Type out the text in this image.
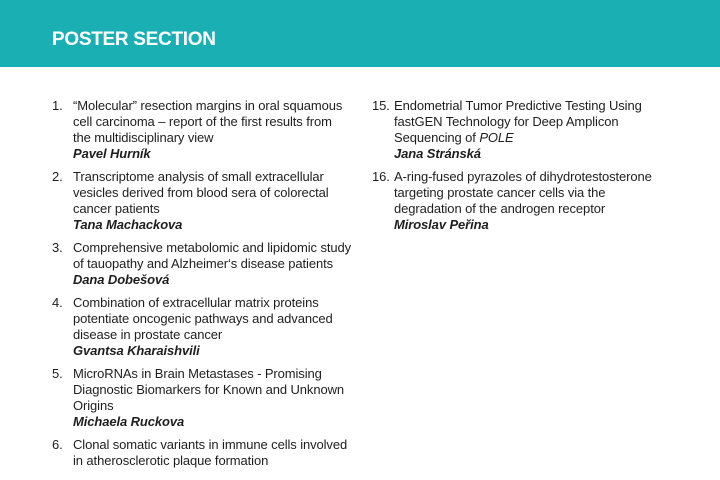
POSTER SECTION
1. “Molecular” resection margins in oral squamous cell carcinoma – report of the first results from the multidisciplinary view
Pavel Hurník
2. Transcriptome analysis of small extracellular vesicles derived from blood sera of colorectal cancer patients
Tana Machackova
3. Comprehensive metabolomic and lipidomic study of tauopathy and Alzheimer‘s disease patients
Dana Dobešová
4. Combination of extracellular matrix proteins potentiate oncogenic pathways and advanced disease in prostate cancer
Gvantsa Kharaishvili
5. MicroRNAs in Brain Metastases - Promising Diagnostic Biomarkers for Known and Unknown Origins
Michaela Ruckova
6. Clonal somatic variants in immune cells involved in atherosclerotic plaque formation
15. Endometrial Tumor Predictive Testing Using fastGEN Technology for Deep Amplicon Sequencing of POLE
Jana Stránská
16. A-ring-fused pyrazoles of dihydrotestosterone targeting prostate cancer cells via the degradation of the androgen receptor
Miroslav Peřina
